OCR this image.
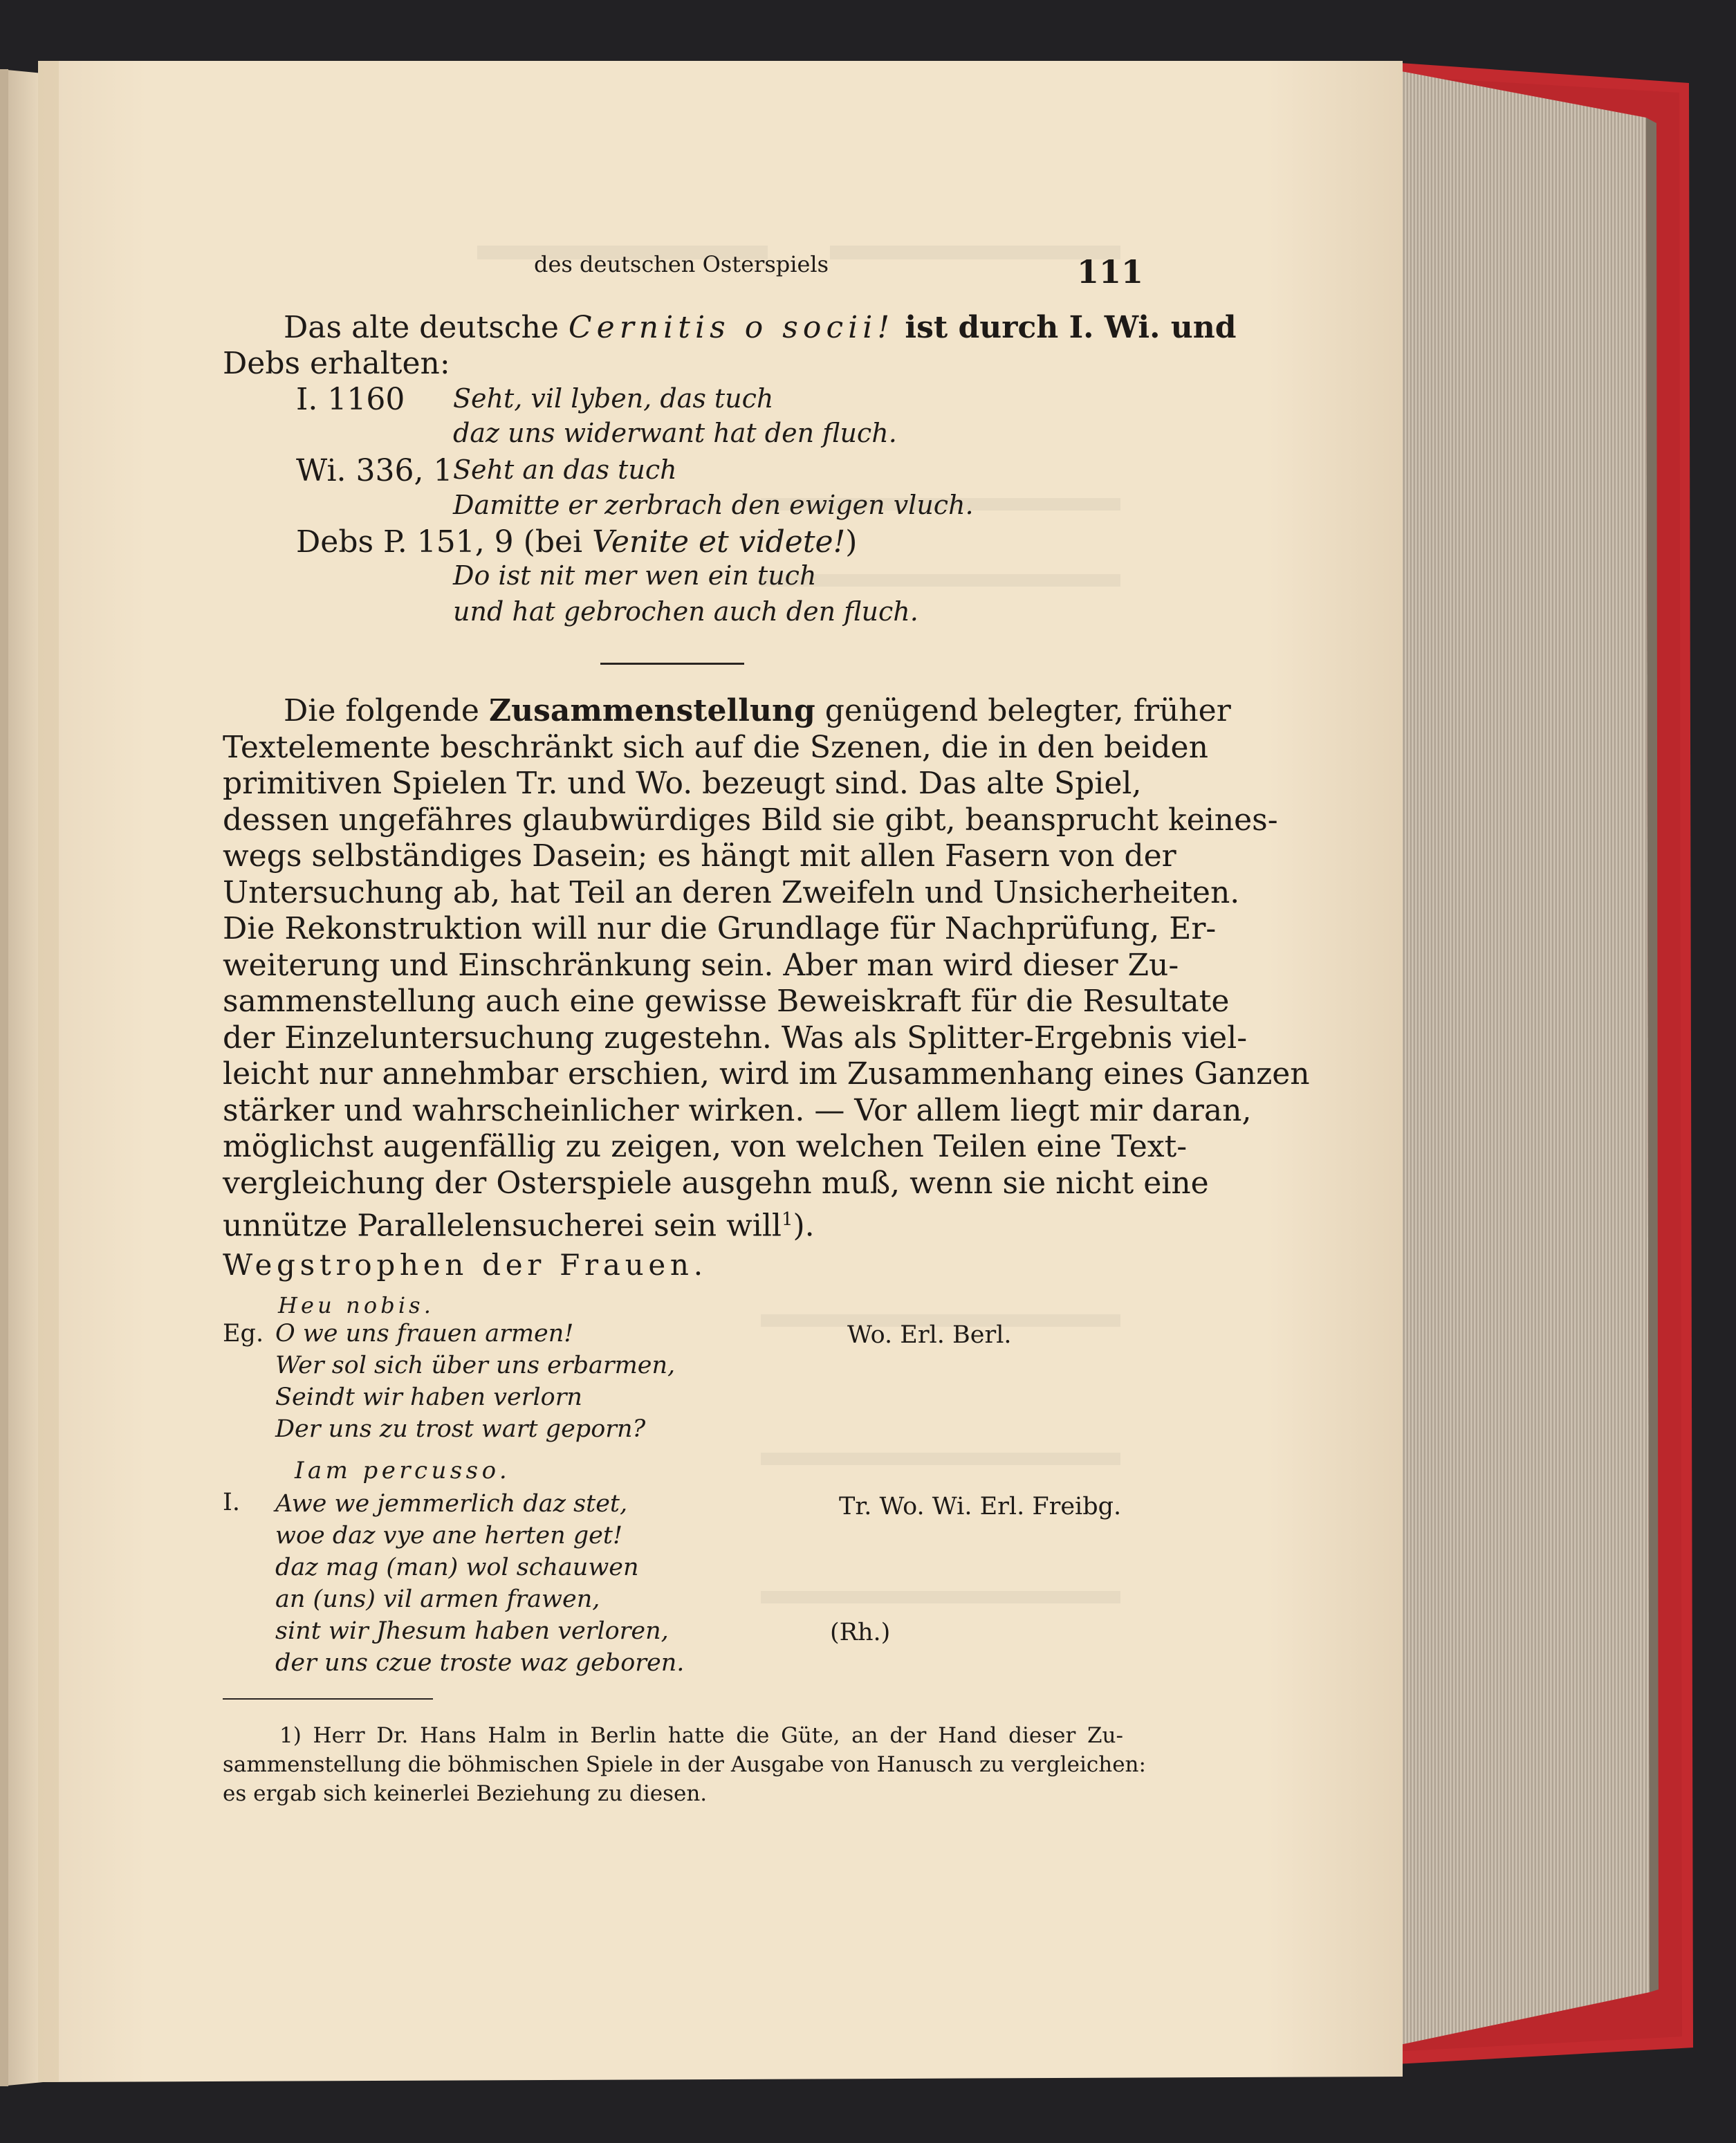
des deutschen Osterspiels	111
Das alte deutsche Cernitis o socii! ist durch I. Wi. und
Debs erhalten:
I. 1160 Seht, vil lyben, das tuch
daz uns widerwant hat den fluch.
Wi. 336, 1 Seht an das tuch
Damitte er zerbrach den ewigen vluch.
Debs P. 151, 9 (bei Venite et videte!)
Do ist nit mer wen ein tuch
und hat gebrochen auch den fluch.
Die folgende Zusammenstellung genügend belegter, früher
Textelemente beschränkt sich auf die Szenen, die in den beiden
primitiven Spielen Tr. und Wo. bezeugt sind. Das alte Spiel,
dessen ungefähres glaubwürdiges Bild sie gibt, beansprucht keines-
wegs selbständiges Dasein; es hängt mit allen Fasern von der
Untersuchung ab, hat Teil an deren Zweifeln und Unsicherheiten.
Die Rekonstruktion will nur die Grundlage für Nachprüfung, Er-
weiterung und Einschränkung sein. Aber man wird dieser Zu-
sammenstellung auch eine gewisse Beweiskraft für die Resultate
der Einzeluntersuchung zugestehn. Was als Splitter-Ergebnis viel-
leicht nur annehmbar erschien, wird im Zusammenhang eines Ganzen
stärker und wahrscheinlicher wirken. — Vor allem liegt mir daran,
möglichst augenfällig zu zeigen, von welchen Teilen eine Text-
vergleichung der Osterspiele ausgehn muß, wenn sie nicht eine
unnütze Parallelensucherei sein will$^1$).
Wegstrophen der Frauen.
Heu nobis.
Eg. O we uns frauen armen!	Wo. Erl. Berl.
Wer sol sich über uns erbarmen,
Seindt wir haben verlorn
Der uns zu trost wart geporn?
Iam percusso.
I. Awe we jemmerlich daz stet,	Tr. Wo. Wi. Erl. Freibg.
woe daz vye ane herten get!
daz mag (man) wol schauwen
an (uns) vil armen frawen,
sint wir Jhesum haben verloren,	(Rh.)
der uns czue troste waz geboren.
1) Herr Dr. Hans Halm in Berlin hatte die Güte, an der Hand dieser Zu-
sammenstellung die böhmischen Spiele in der Ausgabe von Hanusch zu vergleichen:
es ergab sich keinerlei Beziehung zu diesen.
